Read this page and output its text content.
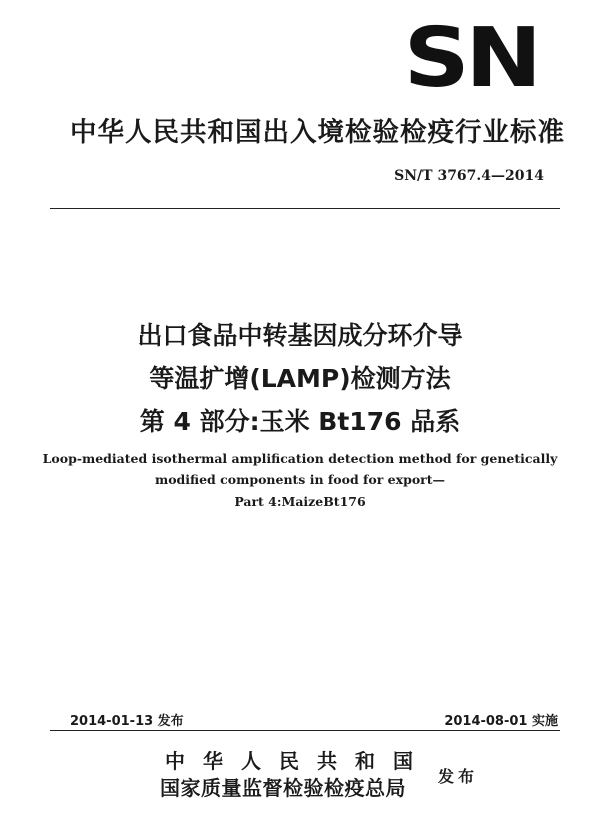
SN
中华人民共和国出入境检验检疫行业标准
SN/T 3767.4—2014
出口食品中转基因成分环介导
等温扩增(LAMP)检测方法
第 4 部分:玉米 Bt176 品系
Loop-mediated isothermal amplification detection method for genetically
modified components in food for export—
Part 4:MaizeBt176
2014-01-13 发布	2014-08-01 实施
中华人民共和国
国家质量监督检验检疫总局 发布
